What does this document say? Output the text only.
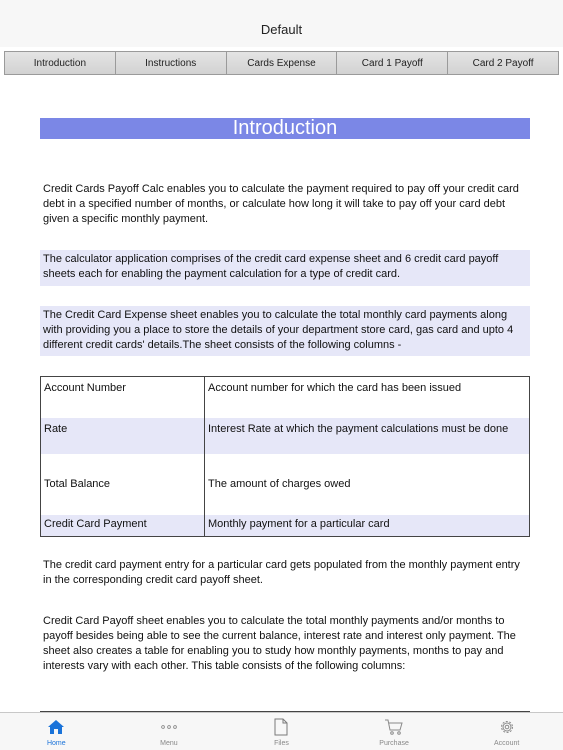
Default
Introduction	Instructions	Cards Expense	Card 1 Payoff	Card 2 Payoff
Introduction
Credit Cards Payoff Calc enables you to calculate the payment required to pay off your credit card debt in a specified number of months, or calculate how long it will take to pay off your card debt given a specific monthly payment.
The calculator application comprises of the credit card expense sheet and 6 credit card payoff sheets each for enabling the payment calculation for a type of credit card.
The Credit Card Expense sheet enables you to calculate the total monthly card payments along with providing you a place to store the details of your department store card, gas card and upto 4 different credit cards' details.The sheet consists of the following columns -
Account Number	Account number for which the card has been issued
Rate	Interest Rate at which the payment calculations must be done
Total Balance	The amount of charges owed
Credit Card Payment	Monthly payment for a particular card
The credit card payment entry for a particular card gets populated from the monthly payment entry in the corresponding credit card payoff sheet.
Credit Card Payoff sheet enables you to calculate the total monthly payments and/or months to payoff besides being able to see the current balance, interest rate and interest only payment. The sheet also creates a table for enabling you to study how monthly payments, months to pay and interests vary with each other. This table consists of the following columns:
Home	Menu	Files	Purchase	Account
